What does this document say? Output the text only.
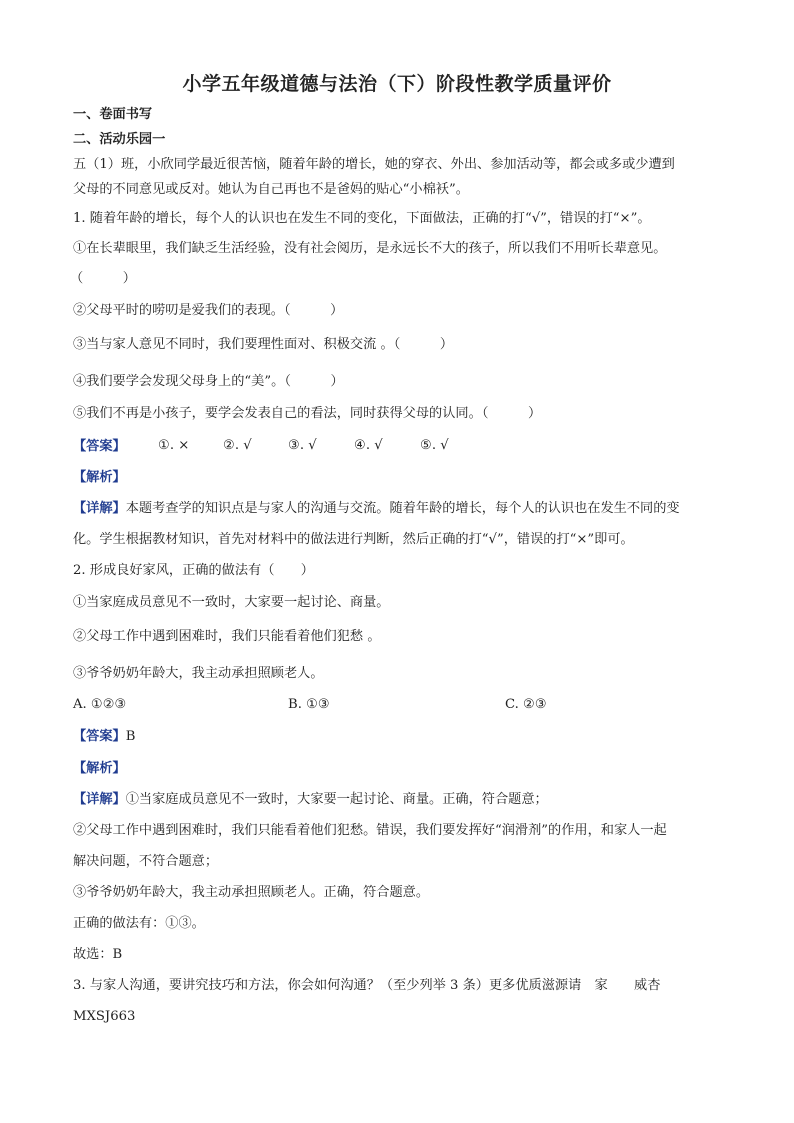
小学五年级道德与法治（下）阶段性教学质量评价
一、卷面书写
二、活动乐园一
五（1）班，小欣同学最近很苦恼，随着年龄的增长，她的穿衣、外出、参加活动等，都会或多或少遭到
父母的不同意见或反对。她认为自己再也不是爸妈的贴心“小棉袄”。
1. 随着年龄的增长，每个人的认识也在发生不同的变化，下面做法，正确的打“√”，错误的打“×”。
①在长辈眼里，我们缺乏生活经验，没有社会阅历，是永远长不大的孩子，所以我们不用听长辈意见。
（　　　）
②父母平时的唠叨是爱我们的表现。（　　　）
③当与家人意见不同时，我们要理性面对、积极交流 。（　　　）
④我们要学会发现父母身上的“美”。（　　　）
⑤我们不再是小孩子，要学会发表自己的看法，同时获得父母的认同。（　　　）
【答案】 ①. ×	②. √	③. √	④. √	⑤. √
【解析】
【详解】本题考查学的知识点是与家人的沟通与交流。随着年龄的增长，每个人的认识也在发生不同的变
化。学生根据教材知识，首先对材料中的做法进行判断，然后正确的打“√”，错误的打“×”即可。
2. 形成良好家风，正确的做法有（　　）
①当家庭成员意见不一致时，大家要一起讨论、商量。
②父母工作中遇到困难时，我们只能看着他们犯愁 。
③爷爷奶奶年龄大，我主动承担照顾老人。
A. ①②③	B. ①③	C. ②③
【答案】B
【解析】
【详解】①当家庭成员意见不一致时，大家要一起讨论、商量。正确，符合题意；
②父母工作中遇到困难时，我们只能看着他们犯愁。错误，我们要发挥好“润滑剂”的作用，和家人一起
解决问题，不符合题意；
③爷爷奶奶年龄大，我主动承担照顾老人。正确，符合题意。
正确的做法有：①③。
故选：B
3. 与家人沟通，要讲究技巧和方法，你会如何沟通？（至少列举 3 条）更多优质滋源请　家　　威杏
MXSJ663
